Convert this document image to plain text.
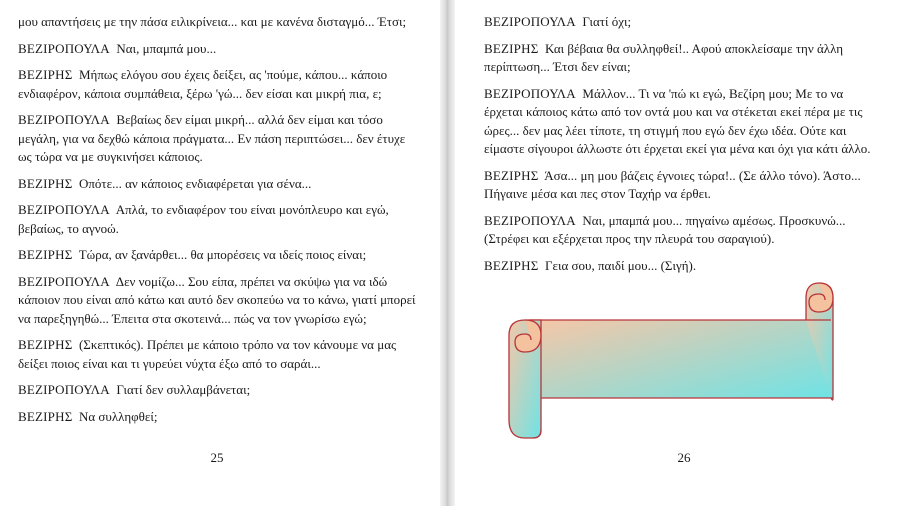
μου απαντήσεις με την πάσα ειλικρίνεια... και με κανένα δισταγμό... Έτσι;

ΒΕΖΙΡΟΠΟΥΛΑ Ναι, μπαμπά μου...

ΒΕΖΙΡΗΣ Μήπως ελόγου σου έχεις δείξει, ας 'πούμε, κάπου... κάποιο ενδιαφέρον, κάποια συμπάθεια, ξέρω 'γώ... δεν είσαι και μικρή πια, ε;

ΒΕΖΙΡΟΠΟΥΛΑ Βεβαίως δεν είμαι μικρή... αλλά δεν είμαι και τόσο μεγάλη, για να δεχθώ κάποια πράγματα... Εν πάση περιπτώσει... δεν έτυχε ως τώρα να με συγκινήσει κάποιος.

ΒΕΖΙΡΗΣ Οπότε... αν κάποιος ενδιαφέρεται για σένα...

ΒΕΖΙΡΟΠΟΥΛΑ Απλά, το ενδιαφέρον του είναι μονόπλευρο και εγώ, βεβαίως, το αγνοώ.

ΒΕΖΙΡΗΣ Τώρα, αν ξανάρθει... θα μπορέσεις να ιδείς ποιος είναι;

ΒΕΖΙΡΟΠΟΥΛΑ Δεν νομίζω... Σου είπα, πρέπει να σκύψω για να ιδώ κάποιον που είναι από κάτω και αυτό δεν σκοπεύω να το κάνω, γιατί μπορεί να παρεξηγηθώ... Έπειτα στα σκοτεινά... πώς να τον γνωρίσω εγώ;

ΒΕΖΙΡΗΣ (Σκεπτικός). Πρέπει με κάποιο τρόπο να τον κάνουμε να μας δείξει ποιος είναι και τι γυρεύει νύχτα έξω από το σαράι...

ΒΕΖΙΡΟΠΟΥΛΑ Γιατί δεν συλλαμβάνεται;

ΒΕΖΙΡΗΣ Να συλληφθεί;

25

ΒΕΖΙΡΟΠΟΥΛΑ Γιατί όχι;

ΒΕΖΙΡΗΣ Και βέβαια θα συλληφθεί!.. Αφού αποκλείσαμε την άλλη περίπτωση... Έτσι δεν είναι;

ΒΕΖΙΡΟΠΟΥΛΑ Μάλλον... Τι να 'πώ κι εγώ, Βεζίρη μου; Με το να έρχεται κάποιος κάτω από τον οντά μου και να στέκεται εκεί πέρα με τις ώρες... δεν μας λέει τίποτε, τη στιγμή που εγώ δεν έχω ιδέα. Ούτε και είμαστε σίγουροι άλλωστε ότι έρχεται εκεί για μένα και όχι για κάτι άλλο.

ΒΕΖΙΡΗΣ Άσα... μη μου βάζεις έγνοιες τώρα!.. (Σε άλλο τόνο). Άστο... Πήγαινε μέσα και πες στον Ταχήρ να έρθει.

ΒΕΖΙΡΟΠΟΥΛΑ Ναι, μπαμπά μου... πηγαίνω αμέσως. Προσκυνώ... (Στρέφει και εξέρχεται προς την πλευρά του σαραγιού).

ΒΕΖΙΡΗΣ Γεια σου, παιδί μου... (Σιγή).

26
